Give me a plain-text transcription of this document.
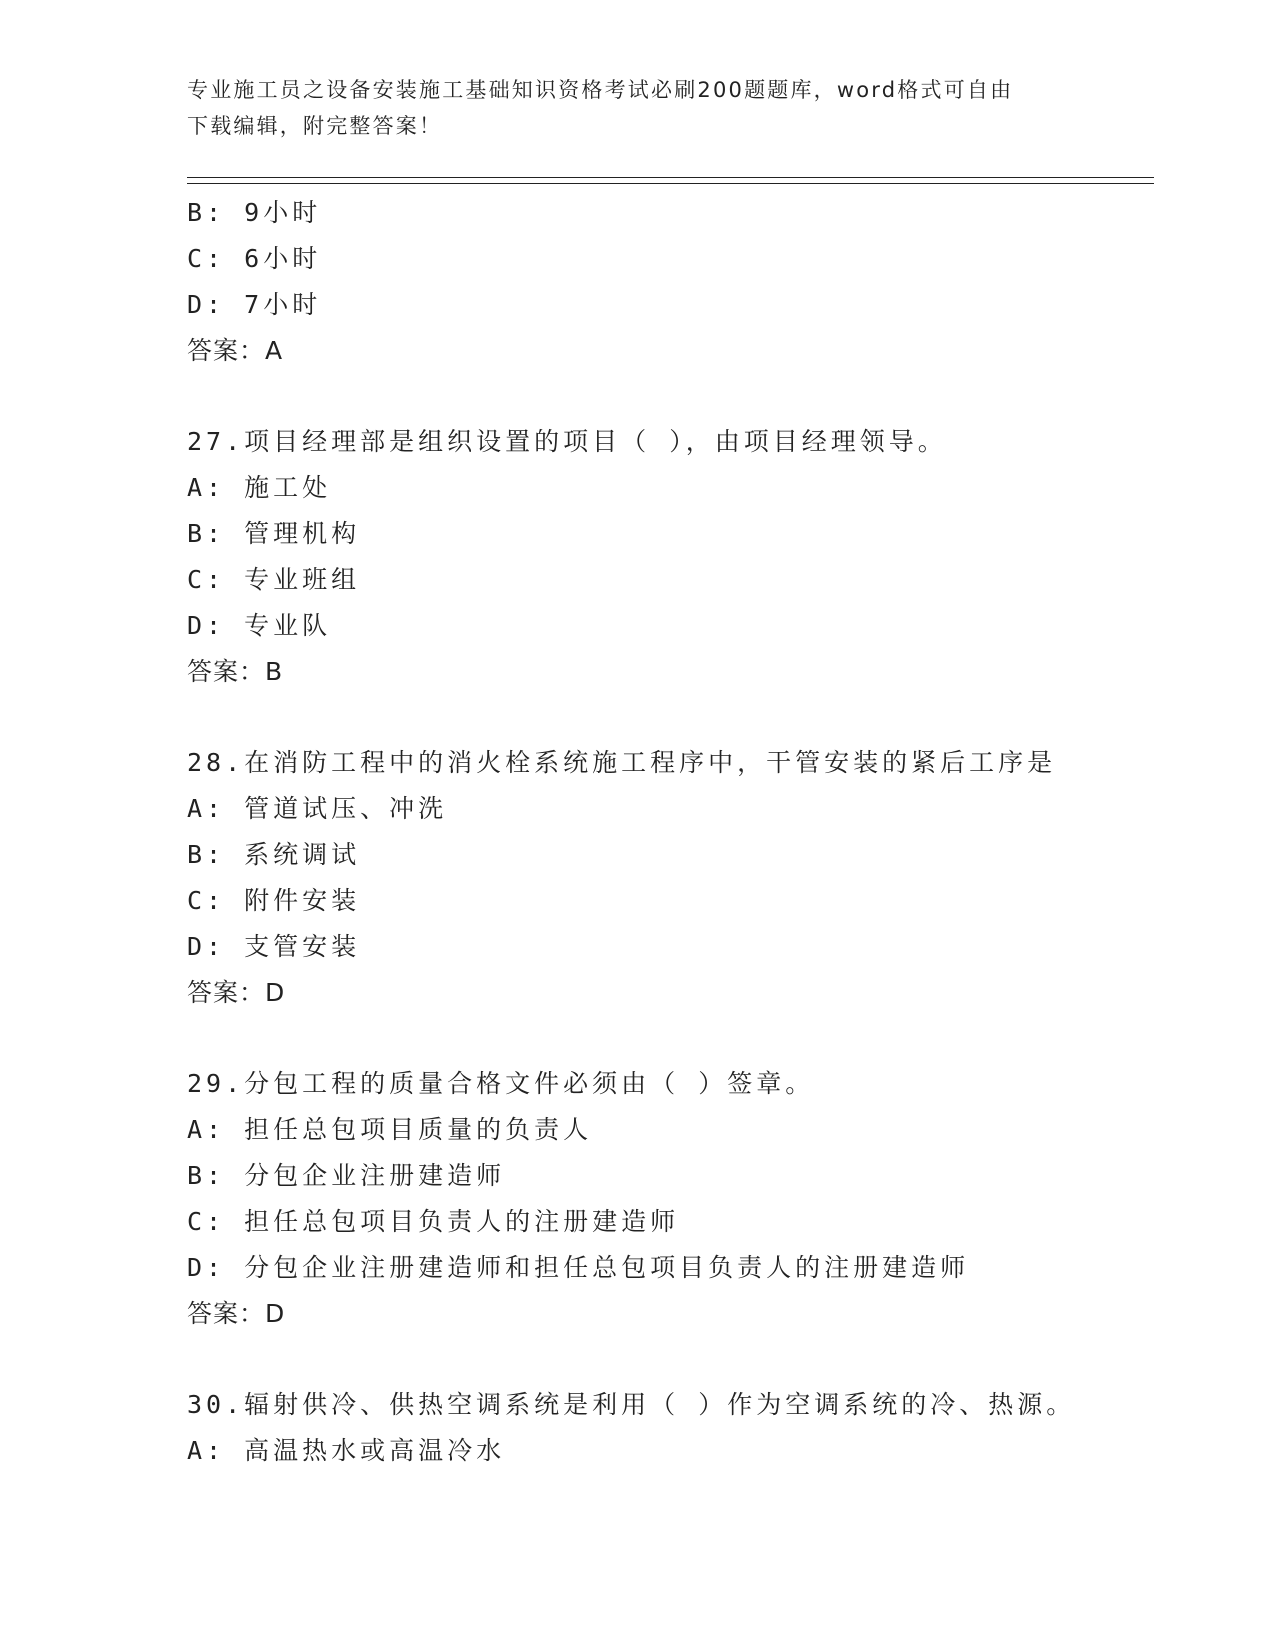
专业施工员之设备安装施工基础知识资格考试必刷200题题库，word格式可自由
下载编辑，附完整答案！
B: 9小时
C: 6小时
D: 7小时
答案：A
27.项目经理部是组织设置的项目（ ），由项目经理领导。
A: 施工处
B: 管理机构
C: 专业班组
D: 专业队
答案：B
28.在消防工程中的消火栓系统施工程序中，干管安装的紧后工序是
A: 管道试压、冲洗
B: 系统调试
C: 附件安装
D: 支管安装
答案：D
29.分包工程的质量合格文件必须由（ ）签章。
A: 担任总包项目质量的负责人
B: 分包企业注册建造师
C: 担任总包项目负责人的注册建造师
D: 分包企业注册建造师和担任总包项目负责人的注册建造师
答案：D
30.辐射供冷、供热空调系统是利用（ ）作为空调系统的冷、热源。
A: 高温热水或高温冷水
